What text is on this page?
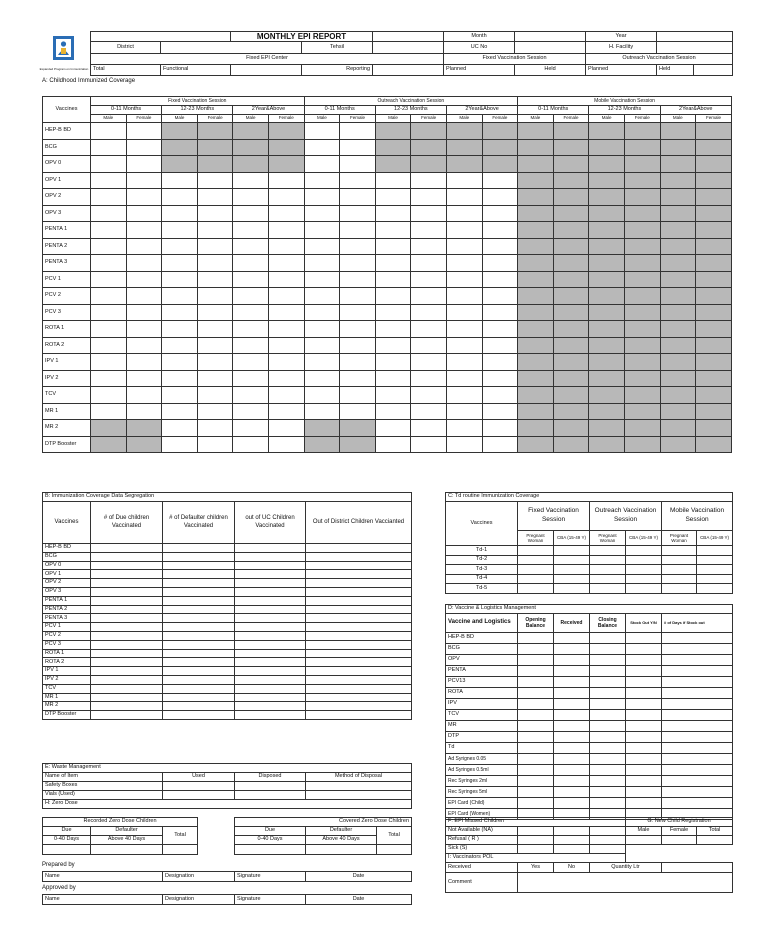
Expanded Program on Immunization
		MONTHLY EPI REPORT			Month		Year		
District			Tehsil		UC No		H. Facility		
Fixed EPI Center					Fixed Vaccination Session		Outreach Vaccination Session		
Total	Functional		Reporting		Planned	Held	Planned	Held	
A: Childhood Immunized Coverage
Vaccines	Fixed Vaccination Session						Outreach Vaccination Session						Mobile Vaccination Session					
	0-11 Months		12-23 Months		2Year&Above		0-11 Months		12-23 Months		2Year&Above		0-11 Months		12-23 Months		2Year&Above	
	Male	Female	Male	Female	Male	Female	Male	Female	Male	Female	Male	Female	Male	Female	Male	Female	Male	Female
HEP-B BD																		
BCG																		
OPV 0																		
OPV 1																		
OPV 2																		
OPV 3																		
PENTA 1																		
PENTA 2																		
PENTA 3																		
PCV 1																		
PCV 2																		
PCV 3																		
ROTA 1																		
ROTA 2																		
IPV 1																		
IPV 2																		
TCV																		
MR 1																		
MR 2																		
DTP Booster																		
B: Immunization Coverage Data Segregation				
Vaccines	# of Due children Vaccinated	# of Defaulter children Vaccinated	out of UC Children Vaccinated	Out of District Children Vaccianted
HEP-B BD				
BCG				
OPV 0				
OPV 1				
OPV 2				
OPV 3				
PENTA 1				
PENTA 2				
PENTA 3				
PCV 1				
PCV 2				
PCV 3				
ROTA 1				
ROTA 2				
IPV 1				
IPV 2				
TCV				
MR 1				
MR 2				
DTP Booster				
E: Waste Management			
Name of Item	Used	Disposed	Method of Disposal
Safety Boxes			
Vials (Used)			
H: Zero Dose			
Recorded Zero Dose Children		
Due	Defaulter	Total
0-40 Days	Above 40 Days	

Covered Zero Dose Children		
Due	Defaulter	Total
0-40 Days	Above 40 Days	

Prepared by
Name	Designation	Signature	Date
Approved by
Name	Designation	Signature	Date
C: Td routine Immunization Coverage						
Vaccines	Fixed Vaccination Session		Outreach Vaccination Session		Mobile Vaccination Session	
	Pregnant Woman	CBA (15-49 Y)	Pregnant Woman	CBA (15-49 Y)	Pregnant Woman	CBA (15-49 Y)
Td-1						
Td-2						
Td-3						
Td-4						
Td-5						
D: Vaccine & Logistics Management					
Vaccine and Logistics	Opening Balance	Received	Closing Balance	Stock Out Y/N	# of Days if Stock out
HEP-B BD					
BCG					
OPV					
PENTA					
PCV13					
ROTA					
IPV					
TCV					
MR					
DTP					
Td					
Ad Syrignes 0.05					
Ad Syringes 0.5ml					
Rec Syringes 2ml					
Rec Syringes 5ml					
EPI Card (Child)					
EPI Card (Women)					
F: EPI Missed Children				G: New Child Registration		
Not Available (NA)				Male	Female	Total
Refusal ( R )						
Sick (S)						
I: Vaccinators POL						
Received	Yes	No	Quantity Ltr			
Comment						
